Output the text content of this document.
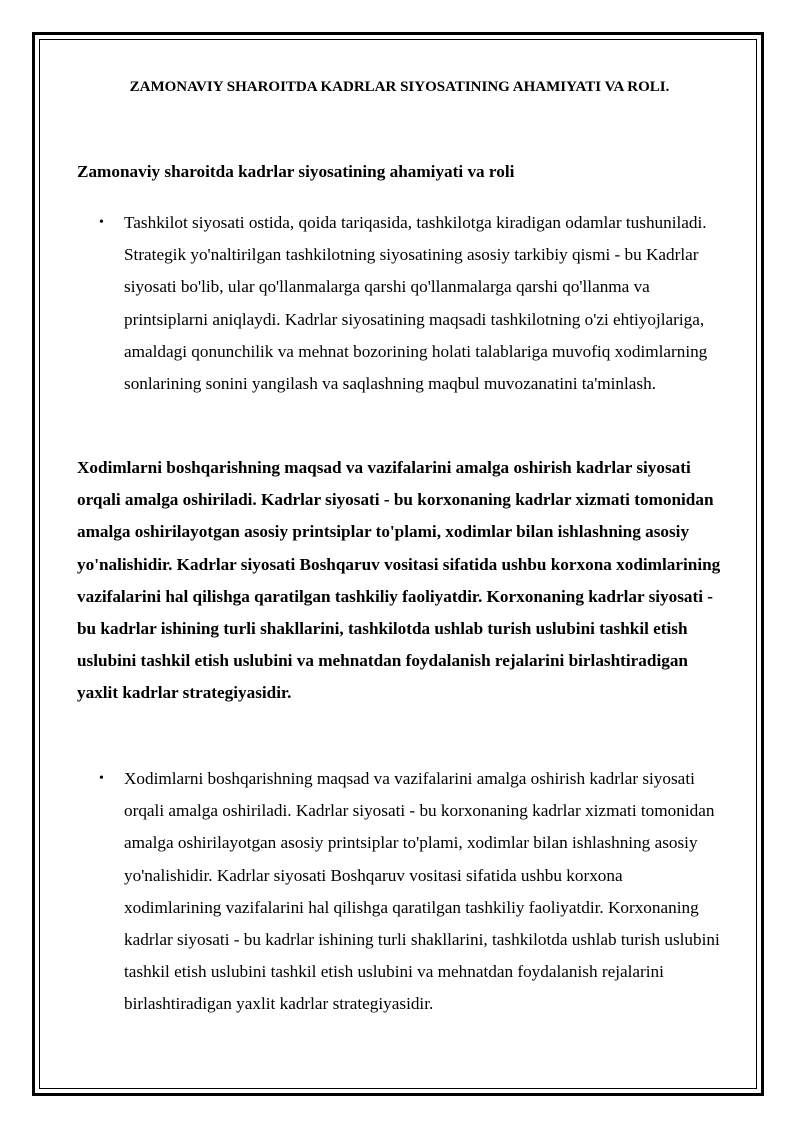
ZAMONAVIY SHAROITDA KADRLAR SIYOSATINING AHAMIYATI VA ROLI.
Zamonaviy sharoitda kadrlar siyosatining ahamiyati va roli
• Tashkilot siyosati ostida, qoida tariqasida, tashkilotga kiradigan odamlar tushuniladi. Strategik yo'naltirilgan tashkilotning siyosatining asosiy tarkibiy qismi - bu Kadrlar siyosati bo'lib, ular qo'llanmalarga qarshi qo'llanmalarga qarshi qo'llanma va printsiplarni aniqlaydi. Kadrlar siyosatining maqsadi tashkilotning o'zi ehtiyojlariga, amaldagi qonunchilik va mehnat bozorining holati talablariga muvofiq xodimlarning sonlarining sonini yangilash va saqlashning maqbul muvozanatini ta'minlash.

Xodimlarni boshqarishning maqsad va vazifalarini amalga oshirish kadrlar siyosati orqali amalga oshiriladi. Kadrlar siyosati - bu korxonaning kadrlar xizmati tomonidan amalga oshirilayotgan asosiy printsiplar to'plami, xodimlar bilan ishlashning asosiy yo'nalishidir. Kadrlar siyosati Boshqaruv vositasi sifatida ushbu korxona xodimlarining vazifalarini hal qilishga qaratilgan tashkiliy faoliyatdir. Korxonaning kadrlar siyosati - bu kadrlar ishining turli shakllarini, tashkilotda ushlab turish uslubini tashkil etish uslubini tashkil etish uslubini va mehnatdan foydalanish rejalarini birlashtiradigan yaxlit kadrlar strategiyasidir.

• Xodimlarni boshqarishning maqsad va vazifalarini amalga oshirish kadrlar siyosati orqali amalga oshiriladi. Kadrlar siyosati - bu korxonaning kadrlar xizmati tomonidan amalga oshirilayotgan asosiy printsiplar to'plami, xodimlar bilan ishlashning asosiy yo'nalishidir. Kadrlar siyosati Boshqaruv vositasi sifatida ushbu korxona xodimlarining vazifalarini hal qilishga qaratilgan tashkiliy faoliyatdir. Korxonaning kadrlar siyosati - bu kadrlar ishining turli shakllarini, tashkilotda ushlab turish uslubini tashkil etish uslubini tashkil etish uslubini va mehnatdan foydalanish rejalarini birlashtiradigan yaxlit kadrlar strategiyasidir.
